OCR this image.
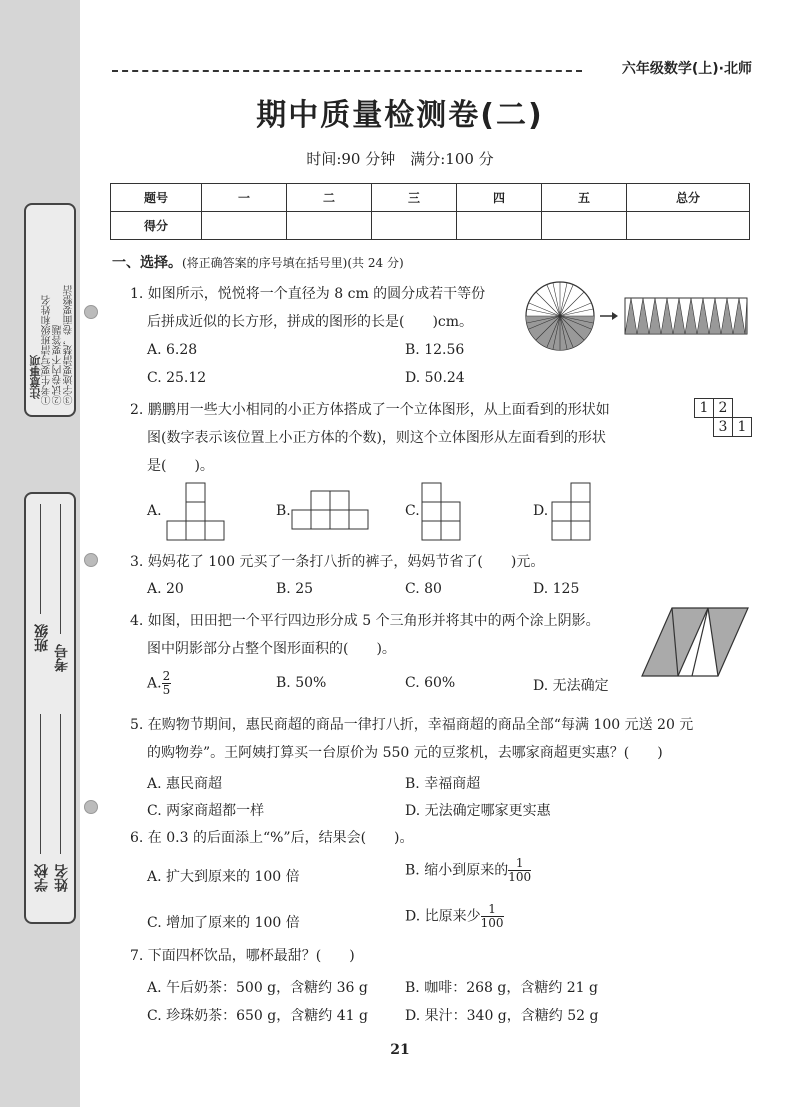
注意事项 ①考生要写清班级和姓名 ②试卷内不要答题 ③字迹要清楚，卷面要整洁
学校 姓名
班级
考号
六年级数学(上)·北师
期中质量检测卷(二)
时间:90 分钟　满分:100 分
题号	一	二	三	四	五	总分
得分						
一、选择。(将正确答案的序号填在括号里)(共 24 分)
1. 如图所示，悦悦将一个直径为 8 cm 的圆分成若干等份
后拼成近似的长方形，拼成的图形的长是(　　)cm。
A. 6.28	B. 12.56
C. 25.12	D. 50.24
2. 鹏鹏用一些大小相同的小正方体搭成了一个立体图形，从上面看到的形状如
图(数字表示该位置上小正方体的个数)，则这个立体图形从左面看到的形状
是(　　)。
1 2
3 1
A.	B.	C.	D.
3. 妈妈花了 100 元买了一条打八折的裤子，妈妈节省了(　　)元。
A. 20	B. 25	C. 80	D. 125
4. 如图，田田把一个平行四边形分成 5 个三角形并将其中的两个涂上阴影。
图中阴影部分占整个图形面积的(　　)。
A. $\frac{2}{5}$	B. 50%	C. 60%	D. 无法确定
5. 在购物节期间，惠民商超的商品一律打八折，幸福商超的商品全部“每满 100 元送 20 元
的购物券”。王阿姨打算买一台原价为 550 元的豆浆机，去哪家商超更实惠？(　　)
A. 惠民商超	B. 幸福商超
C. 两家商超都一样	D. 无法确定哪家更实惠
6. 在 0.3 的后面添上“%”后，结果会(　　)。
A. 扩大到原来的 100 倍	B. 缩小到原来的 $\frac{1}{100}$
C. 增加了原来的 100 倍	D. 比原来少 $\frac{1}{100}$
7. 下面四杯饮品，哪杯最甜？(　　)
A. 午后奶茶：500 g，含糖约 36 g	B. 咖啡：268 g，含糖约 21 g
C. 珍珠奶茶：650 g，含糖约 41 g	D. 果汁：340 g，含糖约 52 g
21
